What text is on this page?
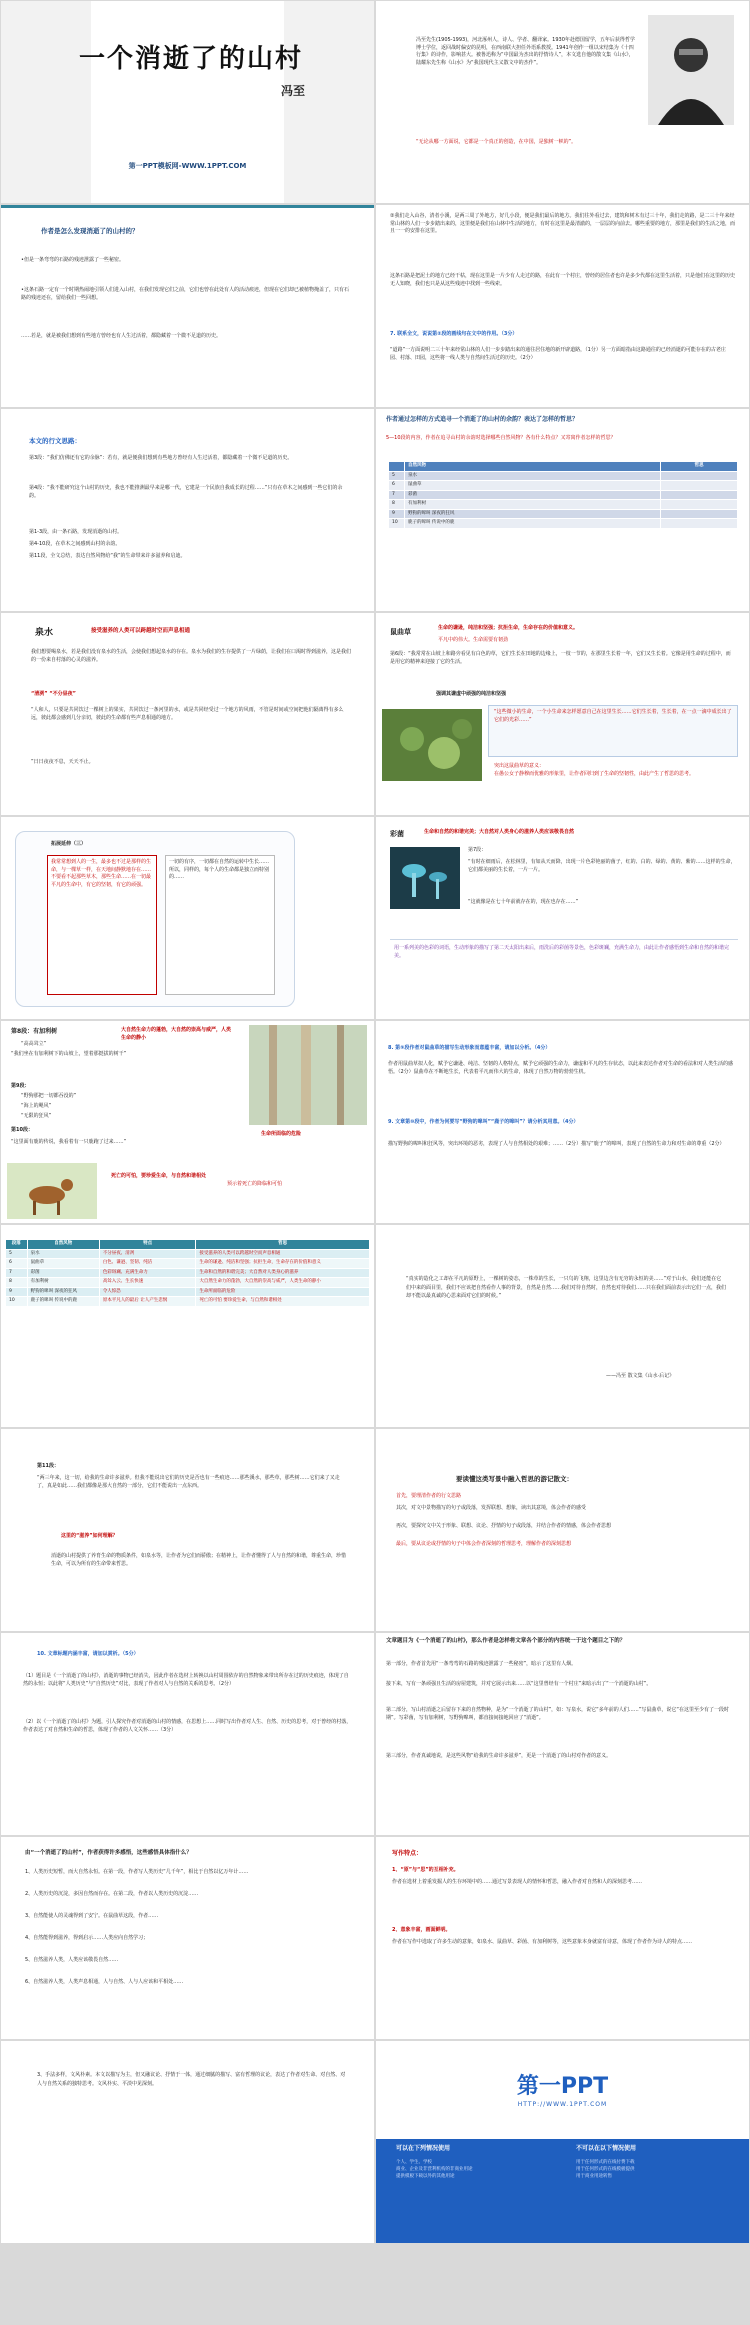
一个消逝了的山村
冯至
第一PPT模板网-WWW.1PPT.COM
冯至先生(1905-1993)，河北涿州人，诗人、学者、翻译家。1930年赴德国留学，五年后获得哲学博士学位，返回战时偏安的昆明，在西南联大担任外语系教授。1941年创作一组以宋结集为《十四行集》的诗作，影响甚大。被鲁迅称为“中国最为杰出的抒情诗人”，本文选自他的散文集《山水》，陆耀东先生称《山水》为“我国现代主义散文中的杰作”。
“无论从哪一方面说，它都是一个真正的创造，在中国，是独树一帜的”。
作者是怎么发现消逝了的山村的？
•但是一条弯弯的石路的残迹泄露了一些秘密。
•这条石路一定有一个时期热闹地引领人们进入山村，在我们发现它们之前，它们也曾在此处有人的活动痕迹，但现在它们却已被植物掩盖了，只有石路的残迹还在，留给我们一些回想。
……若是，就是被我们想到有些地方曾经也有人生过活着，都隐藏着一个微不足道的历史。
②我们走入山谷，清者小溪，是两三周了外地方，好几小段，便是我们最后的地方。我们往外看过去，建筑和树木有过三十年，我们走的路，是二三十年来经常山林的人们一步步踏出来的，这里便是我们在山林中生活的地方，有时在这里是最清澈的，一层层的向前去。哪些重要的地方，那里是我们的生活之地，而且一一的安排在这里。
这条石路是把泥土的地方已经干枯，现在这里是一片少有人走过的路，在此有一个村庄，曾经的居住者也许是多少代都在这里生活着，只是他们在这里的历史无人知晓，我们也只是从这些残迹中找到一些线索。
7. 联系全文，说说第②段的画线句在文中的作用。（3分）
“道路”一方面说明二三十年来经常山林的人们一步步踏出来的通往居住地的新开辟道路，（1分）另一方面暗指由这路通往的已经消逝的可能存在的古老庄园、村落、田园，这些将一线人类与自然间生活过的历史。（2分）
本文的行文思路：
第3段：“我们仿佛还有它的余脉”：若有，就是便我们想到有些地方曾经有人生过活着，都隐藏着一个微不足道的历史。
第4段：“我不能研究这个山村的历史，我也不能推测最早来是哪一代，它建是一个民族自我成长的过程……”只有在草木之间感到一些它们的余韵。
第1-3段，由一条石路，发现消逝的山村。
第4-10段，在草木之间感到山村的余韵。
第11段，全文总结，表达自然风物给“我”的生命带来许多滋养和启迪。
作者通过怎样的方式追寻一个消逝了的山村的余韵？表达了怎样的哲思？
5—10段的内容，作者在追寻山村的余韵时选择哪些自然风物？各有什么特点？又寄寓作者怎样的哲思？
	自然风物	哲思
5	泉水	
6	鼠曲草	
7	彩菌	
8	有加利树	
9	野狗的嗥叫 深夜的狂风	
10	鹿子的嗥叫 传说中的鹿	
泉水	接受滋养的人类可以跨越时空而声息相通
我们想要喝泉水，若是我们没有泉水的生活，会使我们想起泉水的存在。泉水为我们的生存提供了一片绿荫，让我们在口渴时得到滋养，这是我们的一份来自村落的心灵的滋养。
“清洌” “不分昼夜”
“人和人，只要是共同饮过一棵树上的果实，共同饮过一条河里的水，或是共同经受过一个地方的风雨，不管是时间或空间把他们隔离得有多么远，彼此都会感到几分亲切，彼此的生命都有些声息相通的地方。
”日日夜夜不息，天天不止。
鼠曲草	生命的谦逊，纯洁和坚强；抗拒生命，生命存在的价值和意义。
平凡中的伟大。生命需要有韧劲
第6段：“我常常在山坡上和路旁看见有白色的草，它们生长在田地的边缘上，一枝一节的，在那里生长着一年，它们又生长着。它像是用生命的过程中，而是用它的精神来迎接了它的生活。
强调其谦虚中顽强的纯洁和坚强
“这些微小的生命，一个小生命来怎样愿意自己在这里生长……它们生长着，生长着，在一点一滴中成长出了它们的光彩……”
突出这鼠曲草的意义：
在愚公女子静穆而优雅的形象里，让作者回归到了生命的坚韧性，由此产生了哲思的思考。
拓展延伸（三）
我常常想到人的一生，最多也不过是那样的生命，与一棵草一样，在天地间静默地存在……不要看不起那些草木，那些生命……在一切最平凡的生命中，有它的坚韧，有它的顽强。
一切的有序，一切都在自然的运转中生长……所以，同样的，每个人的生命都是独立而特别的……
彩菌	生命和自然的和谐完美；大自然对人类身心的滋养人类应该敬畏自然
第7段：
“有时在细雨后，在松林里，有如从天而降，出现一片色彩艳丽的菌子，红的、白的、绿的、黄的、紫的……这样的生命，它们都美丽的生长着，一片一片。
“这就像是在七十年前就存在的，现在也存在……”
用一系列美的色彩的词语，生动形象的描写了第二天太阳出来后，雨洗后的彩菌等景色，色彩斑斓，充满生命力，由此让作者感悟到生命和自然的和谐完美。
第8段：有加利树	大自然生命力的蓬勃，大自然的崇高与威严，人类生命的静小
“高高耸立”
“我们坐在有加利树下的山坡上，望着那挺拔的树干”
第9段：
“野狗那把一切都吞没的”
“海上的飓风”
“无限的狂风”
生命所面临的危险
第10段：
“这里面有鹿的传说，我看着有一只鹿跑了过来……”
死亡的可怕，要珍爱生命，与自然和谐相处
预示着死亡的降临和可怕
8. 第⑨段作者对鼠曲草的描写生动形象而意蕴丰富，请加以分析。（4分）
作者用鼠曲草拟人化，赋予它谦逊、纯洁、坚韧的人格特点，赋予它顽强的生命力，谦虚和平凡的生存状态，以此来表达作者对生命的看法和对人类生活的感悟。（2分）鼠曲草在不断地生长，代表着平凡而伟大的生命，体现了自然万物的勃勃生机。
9. 文章第⑩段中，作者为何要写“野狗的嗥叫”“鹿子的嗥叫”？请分析其用意。（4分）
描写野狗的嗥叫和狂风等，突出环境的恶劣，表现了人与自然相处的艰难；……（2分）描写“鹿子”的嗥叫，表现了自然的生命力和对生命的尊重（2分）
段落	自然风物	特点	哲思
5	泉水	不分昼夜、清冽	接受滋养的人类可以跨越时空而声息相通
6	鼠曲草	白色、谦逊、坚韧、纯洁	生命的谦逊、纯洁和坚强；抗拒生命，生命存在的价值和意义
7	彩菌	色彩斑斓、充满生命力	生命和自然的和谐完美；大自然对人类身心的滋养
8	有加利树	高耸入云、生长快速	大自然生命力的蓬勃，大自然的崇高与威严，人类生命的静小
9	野狗的嗥叫 深夜的狂风	令人惊恐	生命所面临的危险
10	鹿子的嗥叫 传说中的鹿	原本平凡人的最后 让人产生悲悯	死亡的可怕 要珍爱生命，与自然和谐相处
“真实的造化之工却在平凡的原野上，一棵树的姿态，一株草的生长，一只鸟的飞翔，这里边含有无穷的永恒的美……”对于山水，我们还能在它们中来的面目里，我们不应该把自然看作人事的背景，自然是自然……我们对待自然时，自然也对待我们……只在我们面前表示出它们一点，我们却不能以最真诚的心思来面对它们的时候。”
——冯至 散文集《山水·后记》
第11段：
“两三年来，这一切，给我的生命许多滋养。但我不能说出它们的历史是否也有一些痕迹……那些溪水，那些草，那些树……它们来了又走了，真是如此……我们都像是那大自然的一部分，它们不能说出一点东西。
这里的“滋养”如何理解？
消逝的山村提供了养育生命的物质条件，如泉水等，让作者为它们而骄傲；在精神上，让作者懂得了人与自然的和谐，尊重生命，珍惜生命，可以为所有的生命带来哲思。
要读懂这类写景中融入哲思的游记散文：
首先，要理清作者的行文思路
其次，对文中景物描写的句子或段落，发挥联想、想象，读出其意境，体会作者的感受
再次，要探究文中关于形象、联想、议论、抒情的句子或段落，并结合作者的情感，体会作者思想
最后，要从议论或抒情的句子中体会作者深刻的哲理思考，理解作者的深刻思想
10. 文章标题内涵丰富，请加以赏析。（5分）
（1）题目是《一个消逝了的山村》，消逝的事物已经消失，因此作者在选材上转换以山村周围依存的自然物象来带出所存在过的历史痕迹，体现了自然的永恒；以此将“人类历史”与“自然历史”对比，表现了作者对人与自然的关系的思考。（2分）
（2）以《一个消逝了的山村》为题，引人探究作者对消逝的山村的情感，在思想上……同时写出作者对人生、自然、历史的思考，对于曾经的村落，作者表达了对自然和生命的哲思，体现了作者的人文关怀……（3分）
文章题目为《一个消逝了的山村》，那么作者是怎样将文章各个部分的内容统一于这个题目之下的？
第一部分，作者首先用“一条弯弯的石路的残迹泄露了一些秘密”，暗示了这里有人烟。
接下来，写有一条顽强且生活的房屋建筑，并对它展示出来……以“这里曾经有一个村庄”来暗示出了“一个消逝的山村”。
第二部分，写山村消逝之后留存下来的自然物种，是为“一个消逝了的山村”，如：写泉水，说它“多年前的人们……”写鼠曲草，说它“在这里至少有了一段时期”。写彩菌，写有加利树，写野狗嗥叫，都直接间接地回应了“消逝”。
第三部分，作者真诚地说，是这些风物“给我的生命许多滋养”，更是一个消逝了的山村对作者的意义。
由“一个消逝了的山村”，作者获得许多感悟，这些感悟具体指什么？
1、人类历史短暂，而大自然永恒。在第一段，作者写人类历史“几千年”，相比于自然以亿万年计……
2、人类历史的沉淀，多因自然而存在。在第二段，作者以人类历史的沉淀……
3、自然能使人的灵魂得到了安宁。在鼠曲草这段，作者……
4、自然能得到滋养，得到启示……人类应向自然学习；
5、自然滋养人类，人类应该敬畏自然……
6、自然滋养人类，人类声息相通，人与自然、人与人应该和平相处……
写作特点：
1、“原”与“思”的互相补充。
作者在选材上着重发掘人的生存环境中的……通过写景表现人的情怀和哲思，融入作者对自然和人的深刻思考……
2、意象丰富，画面鲜明。
作者在写作中选取了许多生动的意象，如泉水、鼠曲草、彩菌、有加利树等，这些意象本身就富有诗意，体现了作者作为诗人的特点……
3、手法多样，文风朴素。本文以描写为主，但又融议论、抒情于一体，通过细腻的描写、富有哲理的议论，表达了作者对生命、对自然、对人与自然关系的独特思考。文风朴实、平淡中见深刻。	第一PPT
HTTP://WWW.1PPT.COM
可以在下列情况使用	不可以在以下情况使用
个人、学生、学校
商业、企业及非营利机构的非商业用途
提供模板下载以外的其他用途
用于任何形式的在线付费下载
用于任何形式的在线模板提供
用于商业用途转售
